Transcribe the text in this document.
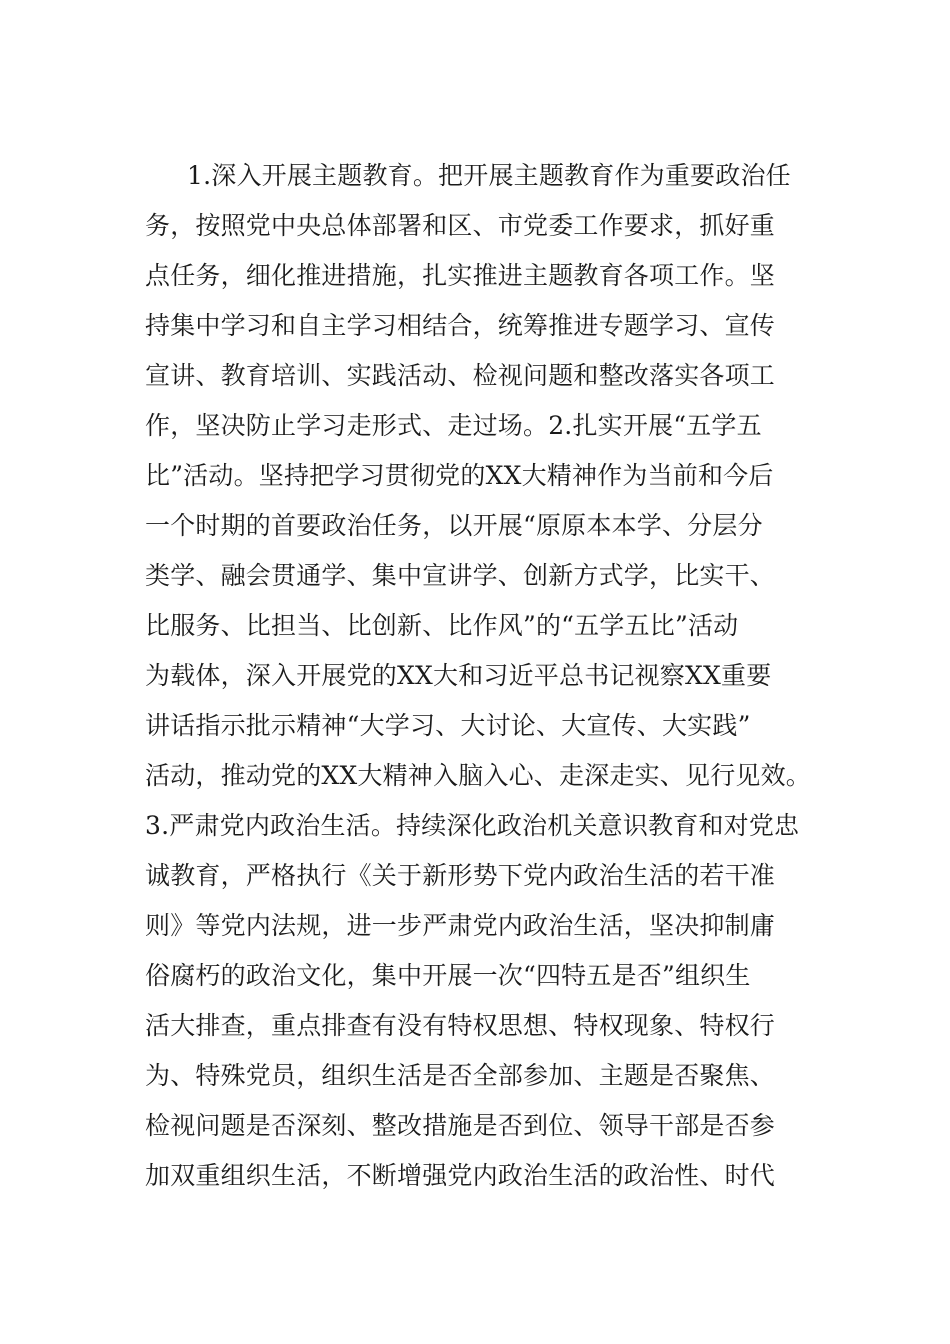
1.深入开展主题教育。把开展主题教育作为重要政治任
务，按照党中央总体部署和区、市党委工作要求，抓好重
点任务，细化推进措施，扎实推进主题教育各项工作。坚
持集中学习和自主学习相结合，统筹推进专题学习、宣传
宣讲、教育培训、实践活动、检视问题和整改落实各项工
作，坚决防止学习走形式、走过场。2.扎实开展“五学五
比”活动。坚持把学习贯彻党的XX大精神作为当前和今后
一个时期的首要政治任务，以开展“原原本本学、分层分
类学、融会贯通学、集中宣讲学、创新方式学，比实干、
比服务、比担当、比创新、比作风”的“五学五比”活动
为载体，深入开展党的XX大和习近平总书记视察XX重要
讲话指示批示精神“大学习、大讨论、大宣传、大实践”
活动，推动党的XX大精神入脑入心、走深走实、见行见效。
3.严肃党内政治生活。持续深化政治机关意识教育和对党忠
诚教育，严格执行《关于新形势下党内政治生活的若干准
则》等党内法规，进一步严肃党内政治生活，坚决抑制庸
俗腐朽的政治文化，集中开展一次“四特五是否”组织生
活大排查，重点排查有没有特权思想、特权现象、特权行
为、特殊党员，组织生活是否全部参加、主题是否聚焦、
检视问题是否深刻、整改措施是否到位、领导干部是否参
加双重组织生活，不断增强党内政治生活的政治性、时代
